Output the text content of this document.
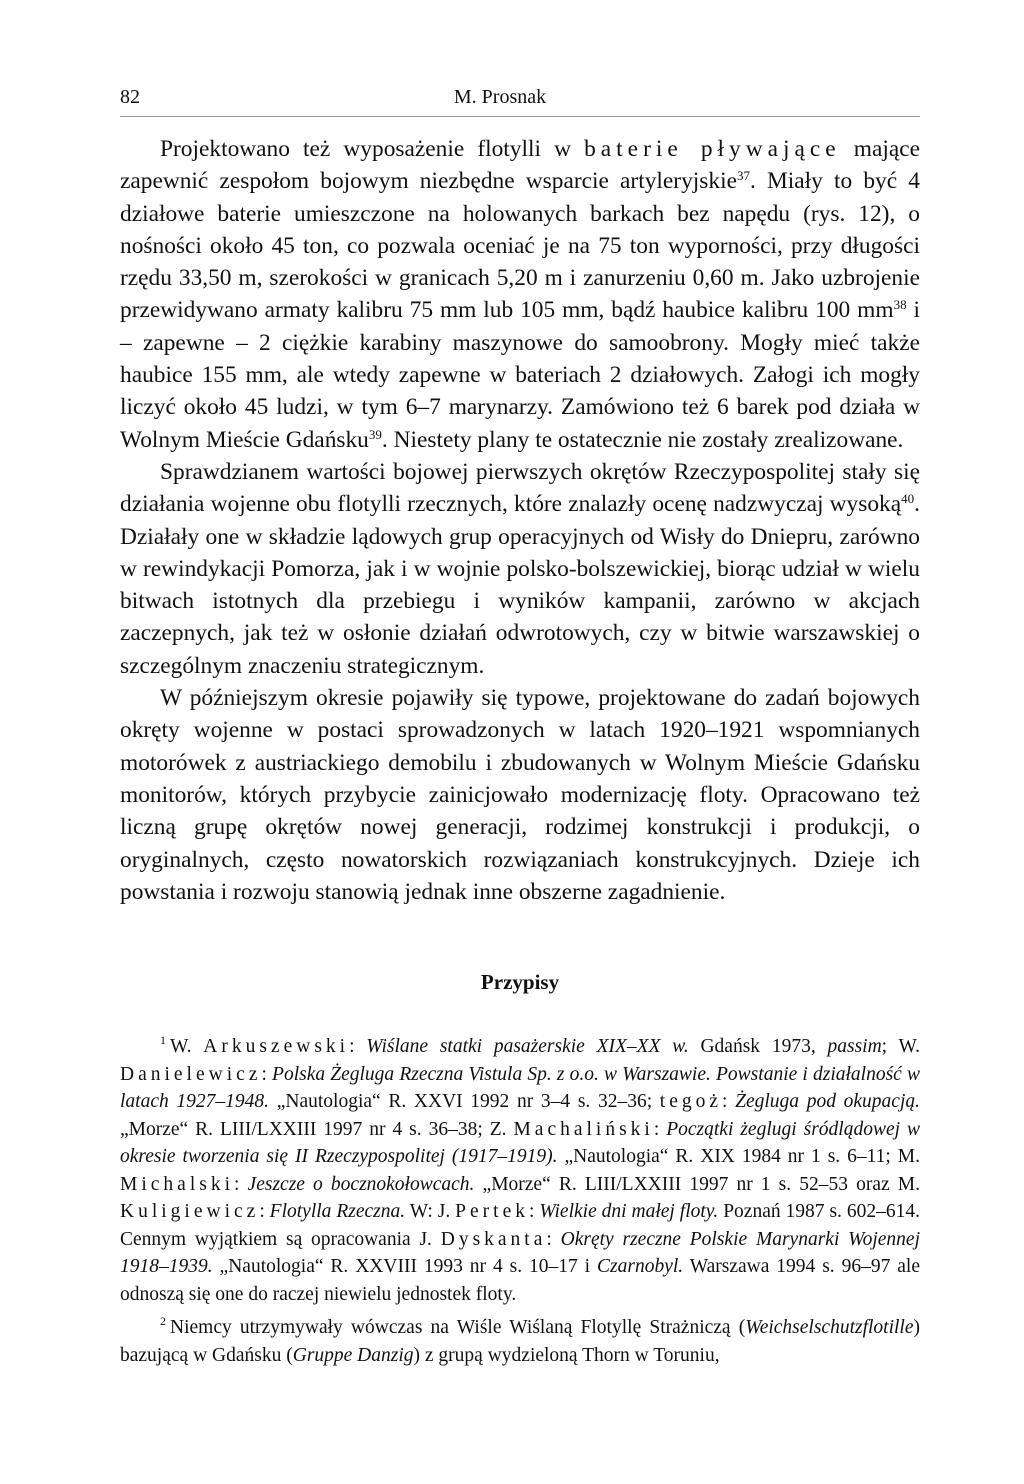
82	M. Prosnak

Projektowano też wyposażenie flotylli w baterie pływające mające zapewnić zespołom bojowym niezbędne wsparcie artyleryjskie$^{37}$. Miały to być 4 działowe baterie umieszczone na holowanych barkach bez napędu (rys. 12), o nośności około 45 ton, co pozwala oceniać je na 75 ton wyporności, przy długości rzędu 33,50 m, szerokości w granicach 5,20 m i zanurzeniu 0,60 m. Jako uzbrojenie przewidywano armaty kalibru 75 mm lub 105 mm, bądź haubice kalibru 100 $mm^{38}$ i – zapewne – 2 ciężkie karabiny maszynowe do samoobrony. Mogły mieć także haubice 155 mm, ale wtedy zapewne w bateriach 2 działowych. Załogi ich mogły liczyć około 45 ludzi, w tym 6–7 marynarzy. Zamówiono też 6 barek pod działa w Wolnym Mieście Gdańsku$^{39}$. Niestety plany te ostatecznie nie zostały zrealizowane.

Sprawdzianem wartości bojowej pierwszych okrętów Rzeczypospolitej stały się działania wojenne obu flotylli rzecznych, które znalazły ocenę nadzwyczaj wysoką$^{40}$. Działały one w składzie lądowych grup operacyjnych od Wisły do Dniepru, zarówno w rewindykacji Pomorza, jak i w wojnie polsko-bolszewickiej, biorąc udział w wielu bitwach istotnych dla przebiegu i wyników kampanii, zarówno w akcjach zaczepnych, jak też w osłonie działań odwrotowych, czy w bitwie warszawskiej o szczególnym znaczeniu strategicznym.

W późniejszym okresie pojawiły się typowe, projektowane do zadań bojowych okręty wojenne w postaci sprowadzonych w latach 1920–1921 wspomnianych motorówek z austriackiego demobilu i zbudowanych w Wolnym Mieście Gdańsku monitorów, których przybycie zainicjowało modernizację floty. Opracowano też liczną grupę okrętów nowej generacji, rodzimej konstrukcji i produkcji, o oryginalnych, często nowatorskich rozwiązaniach konstrukcyjnych. Dzieje ich powstania i rozwoju stanowią jednak inne obszerne zagadnienie.

Przypisy

$^1$ W. Arkuszewski: Wiślane statki pasażerskie XIX–XX w. Gdańsk 1973, passim; W. Danielewicz: Polska Żegluga Rzeczna Vistula Sp. z o.o. w Warszawie. Powstanie i działalność w latach 1927–1948. „Nautologia“ R. XXVI 1992 nr 3–4 s. 32–36; tegoż: Żegluga pod okupacją. „Morze“ R. LIII/LXXIII 1997 nr 4 s. 36–38; Z. Machaliński: Początki żeglugi śródlądowej w okresie tworzenia się II Rzeczypospolitej (1917–1919). „Nautologia“ R. XIX 1984 nr 1 s. 6–11; M. Michalski: Jeszcze o bocznokołowcach. „Morze“ R. LIII/LXXIII 1997 nr 1 s. 52–53 oraz M. Kuligiewicz: Flotylla Rzeczna. W: J. Pertek: Wielkie dni małej floty. Poznań 1987 s. 602–614. Cennym wyjątkiem są opracowania J. Dyskanta: Okręty rzeczne Polskie Marynarki Wojennej 1918–1939. „Nautologia“ R. XXVIII 1993 nr 4 s. 10–17 i Czarnobyl. Warszawa 1994 s. 96–97 ale odnoszą się one do raczej niewielu jednostek floty.

$^2$ Niemcy utrzymywały wówczas na Wiśle Wiślaną Flotyllę Strażniczą (Weichselschutzflotille) bazującą w Gdańsku (Gruppe Danzig) z grupą wydzieloną Thorn w Toruniu,
